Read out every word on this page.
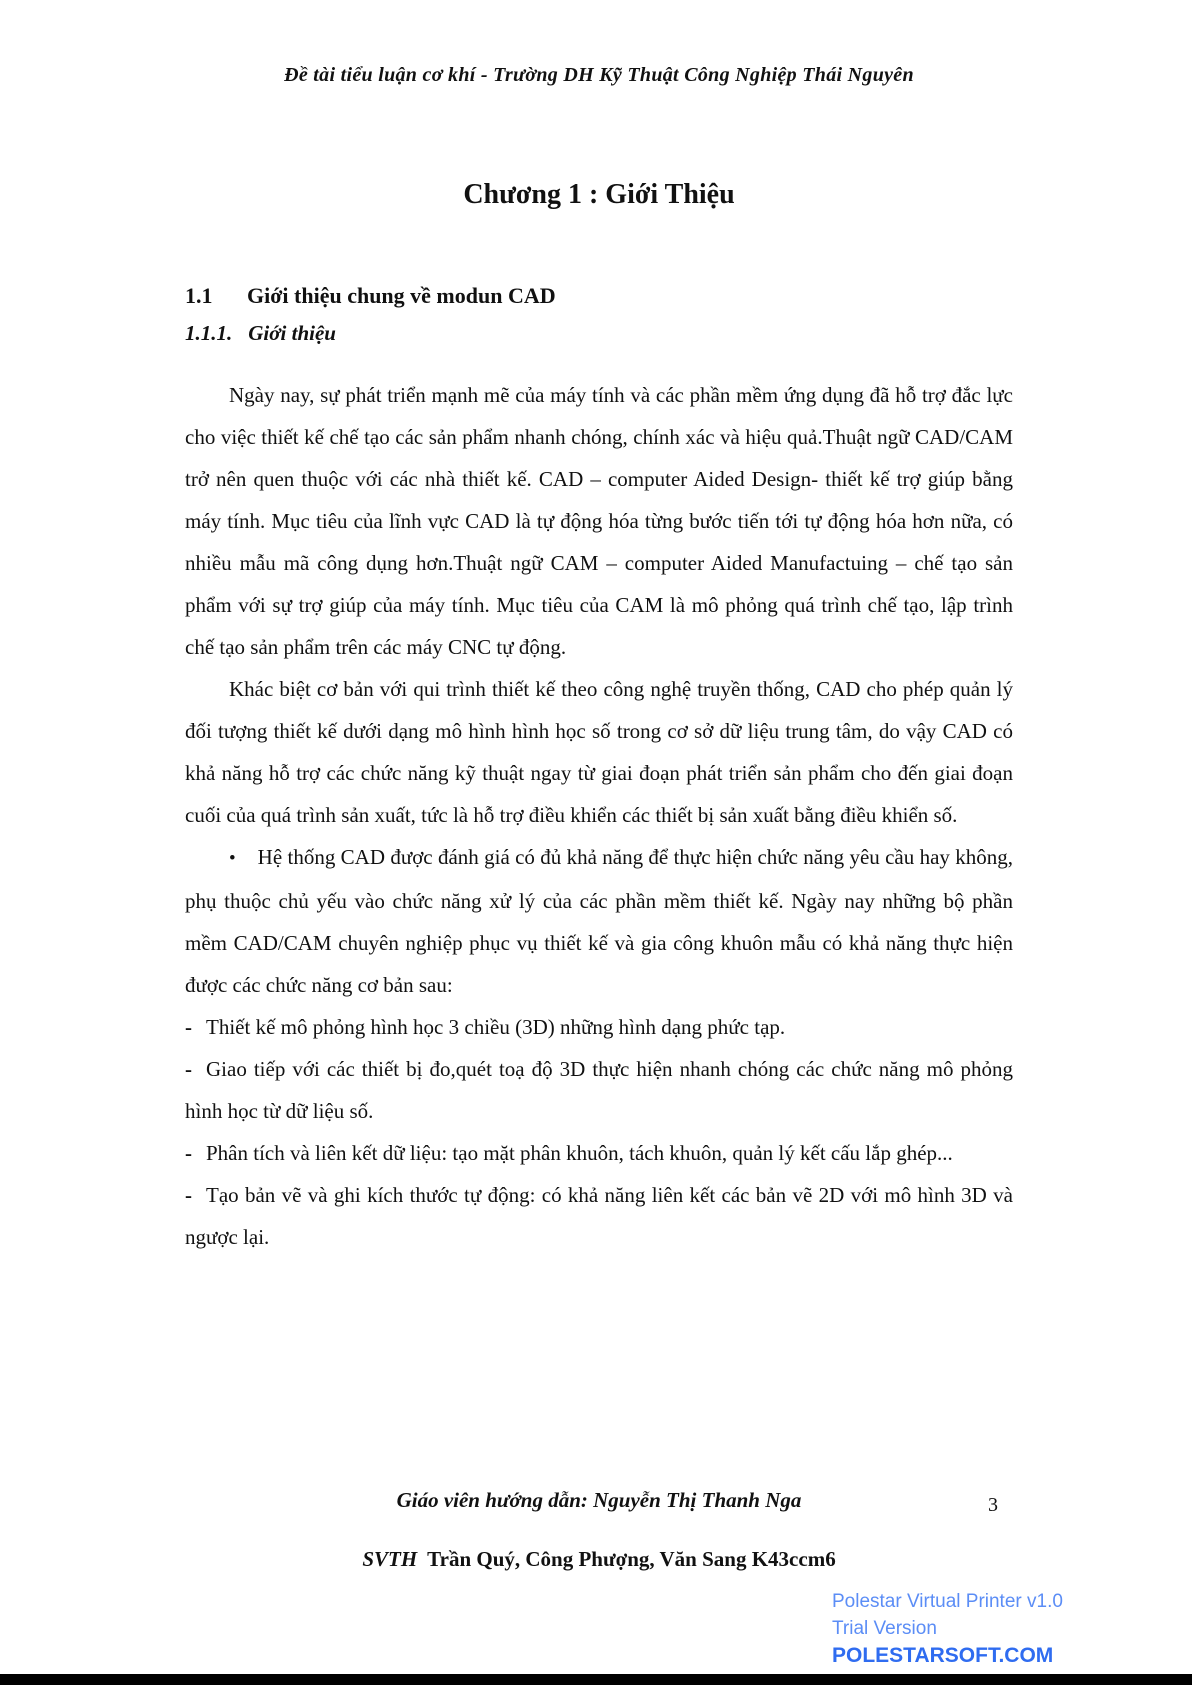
Đề tài tiểu luận cơ khí - Trường DH Kỹ Thuật Công Nghiệp Thái Nguyên
Chương 1 : Giới Thiệu
1.1	Giới thiệu chung về modun CAD
1.1.1. Giới thiệu

Ngày nay, sự phát triển mạnh mẽ của máy tính và các phần mềm ứng dụng đã hỗ trợ đắc lực cho việc thiết kế chế tạo các sản phẩm nhanh chóng, chính xác và hiệu quả.Thuật ngữ CAD/CAM trở nên quen thuộc với các nhà thiết kế. CAD – computer Aided Design- thiết kế trợ giúp bằng máy tính. Mục tiêu của lĩnh vực CAD là tự động hóa từng bước tiến tới tự động hóa hơn nữa, có nhiều mẫu mã công dụng hơn.Thuật ngữ CAM – computer Aided Manufactuing – chế tạo sản phẩm với sự trợ giúp của máy tính. Mục tiêu của CAM là mô phỏng quá trình chế tạo, lập trình chế tạo sản phẩm trên các máy CNC tự động.

Khác biệt cơ bản với qui trình thiết kế theo công nghệ truyền thống, CAD cho phép quản lý đối tượng thiết kế dưới dạng mô hình hình học số trong cơ sở dữ liệu trung tâm, do vậy CAD có khả năng hỗ trợ các chức năng kỹ thuật ngay từ giai đoạn phát triển sản phẩm cho đến giai đoạn cuối của quá trình sản xuất, tức là hỗ trợ điều khiển các thiết bị sản xuất bằng điều khiển số.

• Hệ thống CAD được đánh giá có đủ khả năng để thực hiện chức năng yêu cầu hay không, phụ thuộc chủ yếu vào chức năng xử lý của các phần mềm thiết kế. Ngày nay những bộ phần mềm CAD/CAM chuyên nghiệp phục vụ thiết kế và gia công khuôn mẫu có khả năng thực hiện được các chức năng cơ bản sau:

- Thiết kế mô phỏng hình học 3 chiều (3D) những hình dạng phức tạp.

- Giao tiếp với các thiết bị đo,quét toạ độ 3D thực hiện nhanh chóng các chức năng mô phỏng hình học từ dữ liệu số.

- Phân tích và liên kết dữ liệu: tạo mặt phân khuôn, tách khuôn, quản lý kết cấu lắp ghép...

- Tạo bản vẽ và ghi kích thước tự động: có khả năng liên kết các bản vẽ 2D với mô hình 3D và ngược lại.

Giáo viên hướng dẫn: Nguyễn Thị Thanh Nga
SVTH Trần Quý, Công Phượng, Văn Sang K43ccm6
3
Polestar Virtual Printer v1.0
Trial Version
POLESTARSOFT.COM
